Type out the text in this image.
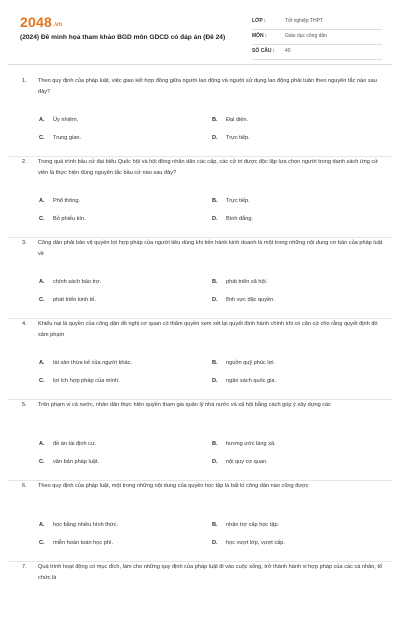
2048.vn
(2024) Đề minh họa tham khảo BGD môn GDCD có đáp án (Đề 24)
LỚP :	Tốt nghiệp THPT
MÔN :	Giáo dục công dân
SỐ CÂU : 40
1. Theo quy định của pháp luật, việc giao kết hợp đồng giữa người lao động và người sử dụng lao động phải tuân theo nguyên tắc nào sau đây?
A. Ủy nhiệm.	B. Đại diện.
C. Trung gian.	D. Trực tiếp.
2. Trong quá trình bầu cử đại biểu Quốc hội và hội đồng nhân dân các cấp, các cử tri được độc lập lựa chọn người trong danh sách ứng cử viên là thực hiện đúng nguyên tắc bầu cử nào sau đây?
A. Phổ thông.	B. Trực tiếp.
C. Bỏ phiếu kín.	D. Bình đẳng.
3. Công dân phải bảo vệ quyền lợi hợp pháp của người tiêu dùng khi tiến hành kinh doanh là một trong những nội dung cơ bản của pháp luật về
A. chính sách bảo trợ.	B. phát triển xã hội.
C. phát triển kinh tế.	D. lĩnh vực đặc quyền.
4. Khiếu nại là quyền của công dân đề nghị cơ quan có thẩm quyền xem xét lại quyết định hành chính khi có căn cứ cho rằng quyết định đó xâm phạm
A. tài sản thừa kế của người khác.	B. nguồn quỹ phúc lợi.
C. lợi ích hợp pháp của mình.	D. ngân sách quốc gia.
5. Trên phạm vi cả nước, nhân dân thực hiện quyền tham gia quản lý nhà nước và xã hội bằng cách góp ý xây dựng các
A. đề án tái định cư.	B. hương ước làng xã.
C. văn bản pháp luật.	D. nội quy cơ quan.
6. Theo quy định của pháp luật, một trong những nội dung của quyền học tập là bất kì công dân nào cũng được
A. học bằng nhiều hình thức.	B. nhận trợ cấp học tập.
C. miễn hoàn toàn học phí.	D. học vượt lớp, vượt cấp.
7. Quá trình hoạt động có mục đích, làm cho những quy định của pháp luật đi vào cuộc sống, trở thành hành vi hợp pháp của các cá nhân, tổ chức là
